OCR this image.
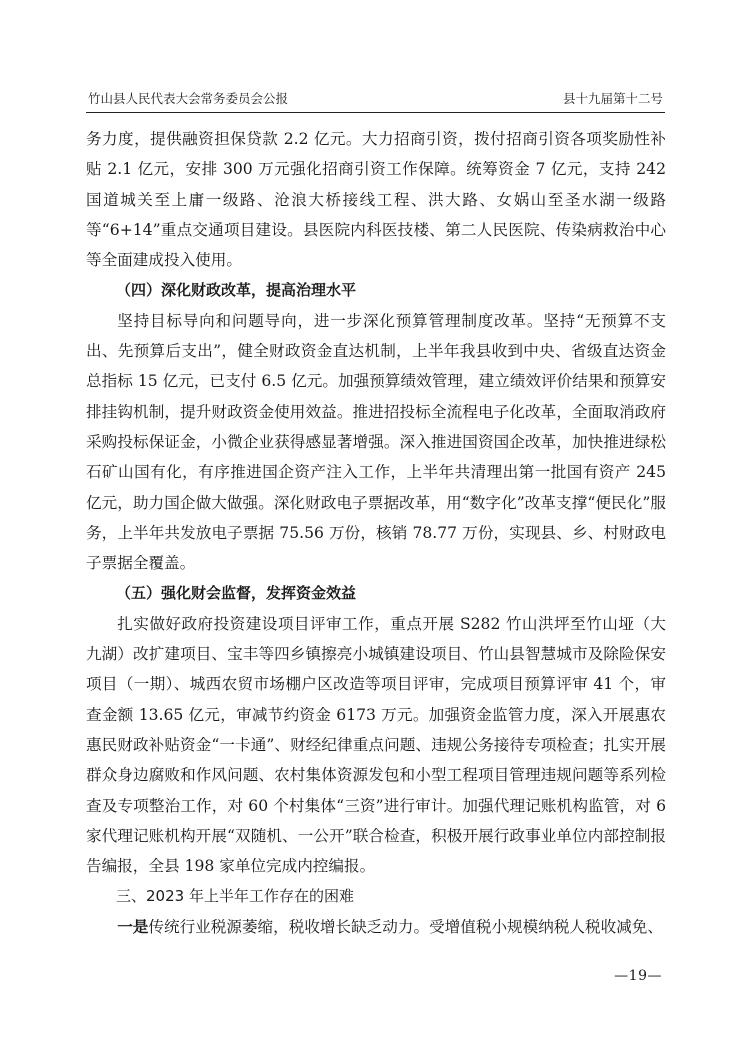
竹山县人民代表大会常务委员会公报	县十九届第十二号

务力度，提供融资担保贷款 2.2 亿元。大力招商引资，拨付招商引资各项奖励性补贴 2.1 亿元，安排 300 万元强化招商引资工作保障。统筹资金 7 亿元，支持 242 国道城关至上庸一级路、沧浪大桥接线工程、洪大路、女娲山至圣水湖一级路等“6+14”重点交通项目建设。县医院内科医技楼、第二人民医院、传染病救治中心等全面建成投入使用。

（四）深化财政改革，提高治理水平

坚持目标导向和问题导向，进一步深化预算管理制度改革。坚持“无预算不支出、先预算后支出”，健全财政资金直达机制，上半年我县收到中央、省级直达资金总指标 15 亿元，已支付 6.5 亿元。加强预算绩效管理，建立绩效评价结果和预算安排挂钩机制，提升财政资金使用效益。推进招投标全流程电子化改革，全面取消政府采购投标保证金，小微企业获得感显著增强。深入推进国资国企改革，加快推进绿松石矿山国有化，有序推进国企资产注入工作，上半年共清理出第一批国有资产 245 亿元，助力国企做大做强。深化财政电子票据改革，用“数字化”改革支撑“便民化”服务，上半年共发放电子票据 75.56 万份，核销 78.77 万份，实现县、乡、村财政电子票据全覆盖。

（五）强化财会监督，发挥资金效益

扎实做好政府投资建设项目评审工作，重点开展 S282 竹山洪坪至竹山垭（大九湖）改扩建项目、宝丰等四乡镇擦亮小城镇建设项目、竹山县智慧城市及除险保安项目（一期）、城西农贸市场棚户区改造等项目评审，完成项目预算评审 41 个，审查金额 13.65 亿元，审减节约资金 6173 万元。加强资金监管力度，深入开展惠农惠民财政补贴资金“一卡通”、财经纪律重点问题、违规公务接待专项检查；扎实开展群众身边腐败和作风问题、农村集体资源发包和小型工程项目管理违规问题等系列检查及专项整治工作，对 60 个村集体“三资”进行审计。加强代理记账机构监管，对 6 家代理记账机构开展“双随机、一公开”联合检查，积极开展行政事业单位内部控制报告编报，全县 198 家单位完成内控编报。

三、2023 年上半年工作存在的困难

一是传统行业税源萎缩，税收增长缺乏动力。受增值税小规模纳税人税收减免、

—19—
